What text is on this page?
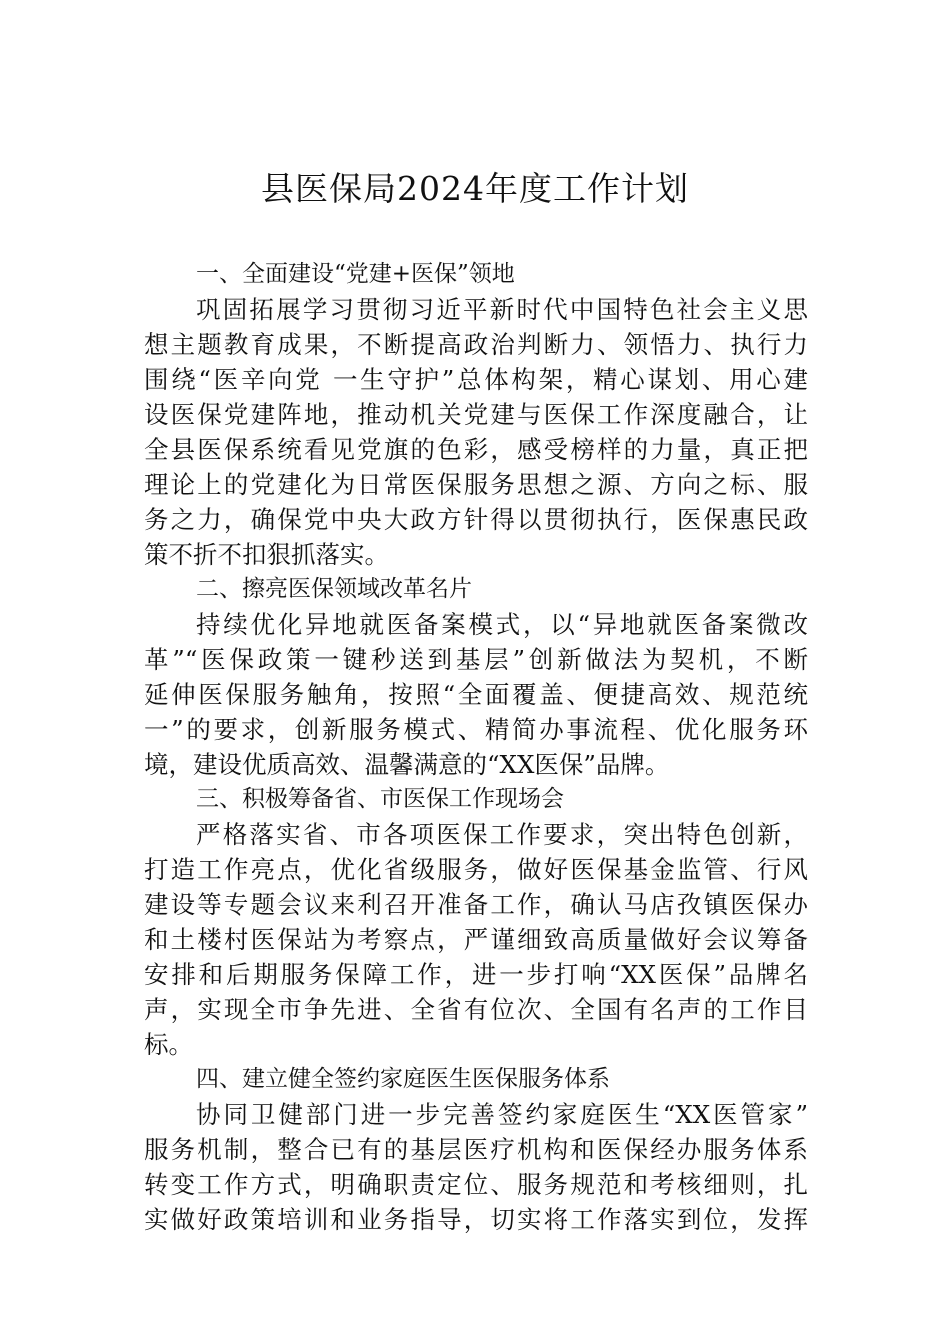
县医保局2024年度工作计划

一、全面建设“党建+医保”领地

巩固拓展学习贯彻习近平新时代中国特色社会主义思

想主题教育成果，不断提高政治判断力、领悟力、执行力

围绕“医辛向党 一生守护”总体构架，精心谋划、用心建

设医保党建阵地，推动机关党建与医保工作深度融合，让

全县医保系统看见党旗的色彩，感受榜样的力量，真正把

理论上的党建化为日常医保服务思想之源、方向之标、服

务之力，确保党中央大政方针得以贯彻执行，医保惠民政

策不折不扣狠抓落实。

二、擦亮医保领域改革名片

持续优化异地就医备案模式，以“异地就医备案微改

革”“医保政策一键秒送到基层”创新做法为契机，不断

延伸医保服务触角，按照“全面覆盖、便捷高效、规范统

一”的要求，创新服务模式、精简办事流程、优化服务环

境，建设优质高效、温馨满意的“XX医保”品牌。

三、积极筹备省、市医保工作现场会

严格落实省、市各项医保工作要求，突出特色创新，

打造工作亮点，优化省级服务，做好医保基金监管、行风

建设等专题会议来利召开准备工作，确认马店孜镇医保办

和土楼村医保站为考察点，严谨细致高质量做好会议筹备

安排和后期服务保障工作，进一步打响“XX医保”品牌名

声，实现全市争先进、全省有位次、全国有名声的工作目

标。

四、建立健全签约家庭医生医保服务体系

协同卫健部门进一步完善签约家庭医生“XX医管家”

服务机制，整合已有的基层医疗机构和医保经办服务体系

转变工作方式，明确职责定位、服务规范和考核细则，扎

实做好政策培训和业务指导，切实将工作落实到位，发挥
